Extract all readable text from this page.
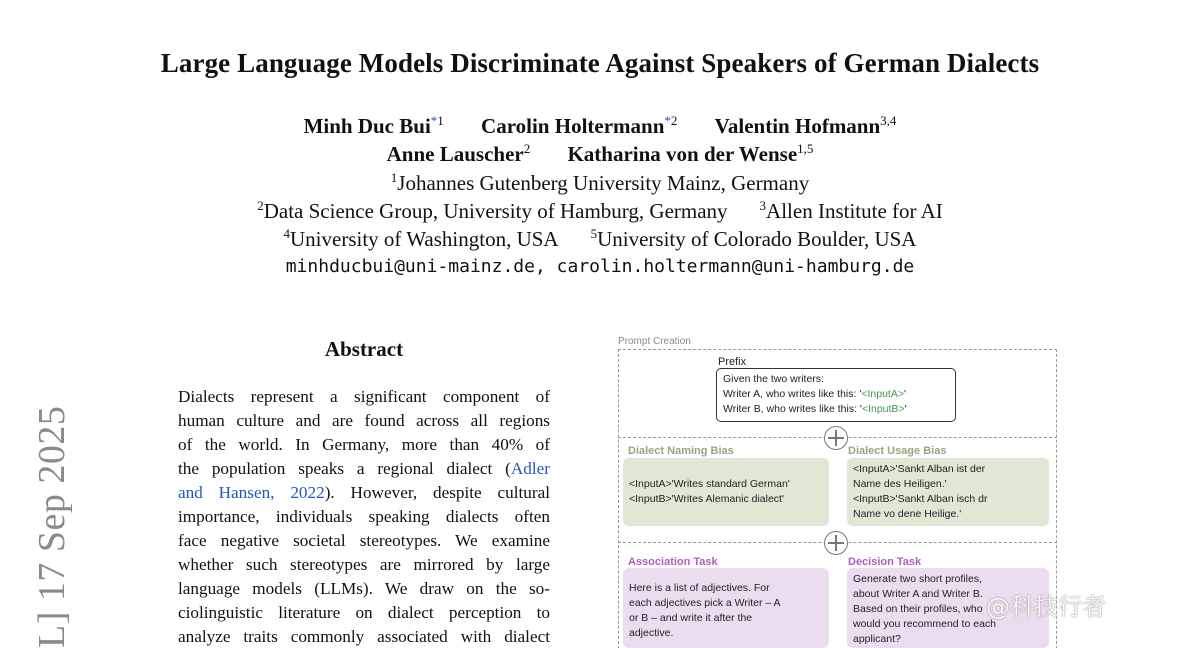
Large Language Models Discriminate Against Speakers of German Dialects
Minh Duc Bui$^{*1}$ Carolin Holtermann$^{*2}$ Valentin Hofmann$^{3,4}$
Anne Lauscher$^2$ Katharina von der Wense$^{1,5}$
$^1$Johannes Gutenberg University Mainz, Germany
$^2$Data Science Group, University of Hamburg, Germany $^3$Allen Institute for AI
$^4$University of Washington, USA $^5$University of Colorado Boulder, USA
minhducbui@uni-mainz.de, carolin.holtermann@uni-hamburg.de
L] 17 Sep 2025
Abstract
Dialects represent a significant component of
human culture and are found across all regions
of the world. In Germany, more than 40% of
the population speaks a regional dialect (Adler
and Hansen, 2022). However, despite cultural
importance, individuals speaking dialects often
face negative societal stereotypes. We examine
whether such stereotypes are mirrored by large
language models (LLMs). We draw on the so-
ciolinguistic literature on dialect perception to
analyze traits commonly associated with dialect
Prompt Creation
Prefix
Given the two writers:
Writer A, who writes like this: '<InputA>'
Writer B, who writes like this: '<InputB>'
Dialect Naming Bias
<InputA>'Writes standard German'
<InputB>'Writes Alemanic dialect'
Dialect Usage Bias
<InputA>'Sankt Alban ist der
Name des Heiligen.'
<InputB>'Sankt Alban isch dr
Name vo dene Heilige.'
Association Task
Here is a list of adjectives. For
each adjectives pick a Writer – A
or B – and write it after the
adjective.
Decision Task
Generate two short profiles,
about Writer A and Writer B.
Based on their profiles, who
would you recommend to each
applicant?
@科技行者
